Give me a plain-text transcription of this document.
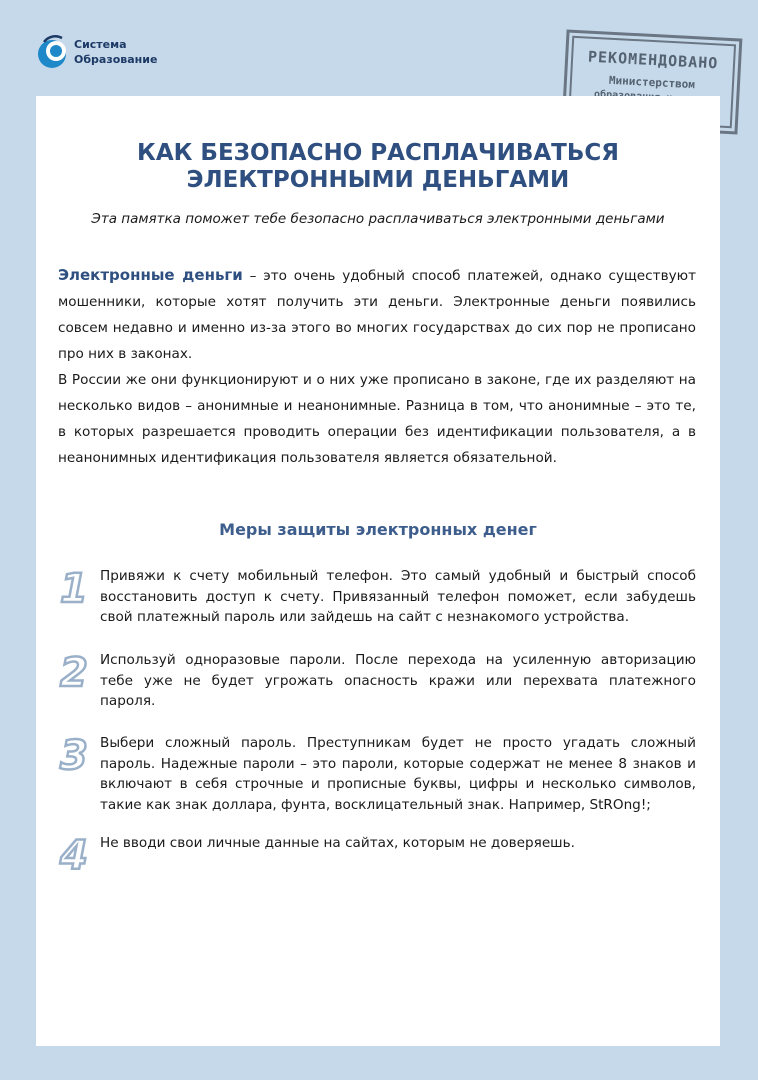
Система
Образование	РЕКОМЕНДОВАНО
Министерством
КАК БЕЗОПАСНО РАСПЛАЧИВАТЬСЯ
ЭЛЕКТРОННЫМИ ДЕНЬГАМИ
Эта памятка поможет тебе безопасно расплачиваться электронными деньгами

Электронные деньги – это очень удобный способ платежей, однако существуют мошенники, которые хотят получить эти деньги. Электронные деньги появились совсем недавно и именно из-за этого во многих государствах до сих пор не прописано про них в законах.

В России же они функционируют и о них уже прописано в законе, где их разделяют на несколько видов – анонимные и неанонимные. Разница в том, что анонимные – это те, в которых разрешается проводить операции без идентификации пользователя, а в неанонимных идентификация пользователя является обязательной.

Меры защиты электронных денег
1 Привяжи к счету мобильный телефон. Это самый удобный и быстрый способ восстановить доступ к счету. Привязанный телефон поможет, если забудешь свой платежный пароль или зайдешь на сайт с незнакомого устройства.
2 Используй одноразовые пароли. После перехода на усиленную авторизацию тебе уже не будет угрожать опасность кражи или перехвата платежного пароля.
3 Выбери сложный пароль. Преступникам будет не просто угадать сложный пароль. Надежные пароли – это пароли, которые содержат не менее 8 знаков и включают в себя строчные и прописные буквы, цифры и несколько символов, такие как знак доллара, фунта, восклицательный знак. Например, StROng!;
4 Не вводи свои личные данные на сайтах, которым не доверяешь.
